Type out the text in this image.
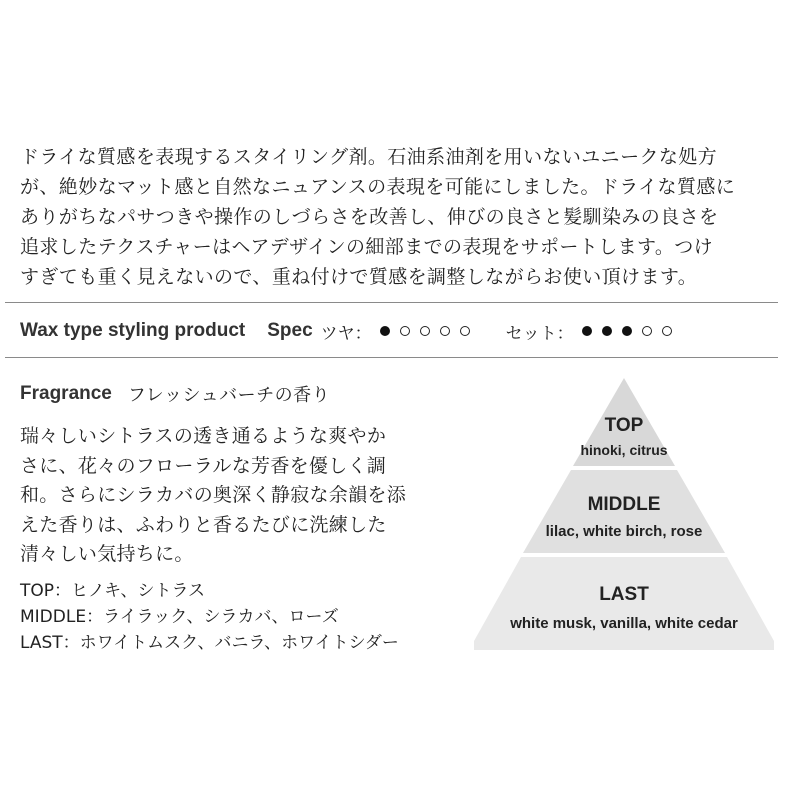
ドライな質感を表現するスタイリング剤。石油系油剤を用いないユニークな処方
が、絶妙なマット感と自然なニュアンスの表現を可能にしました。ドライな質感に
ありがちなパサつきや操作のしづらさを改善し、伸びの良さと髪馴染みの良さを
追求したテクスチャーはヘアデザインの細部までの表現をサポートします。つけ
すぎても重く見えないので、重ね付けで質感を調整しながらお使い頂けます。
Wax type styling product Spec ツヤ：	セット：
Fragrance フレッシュバーチの香り
瑞々しいシトラスの透き通るような爽やか
さに、花々のフローラルな芳香を優しく調
和。さらにシラカバの奥深く静寂な余韻を添
えた香りは、ふわりと香るたびに洗練した
清々しい気持ちに。
TOP：ヒノキ、シトラス
MIDDLE：ライラック、シラカバ、ローズ
LAST：ホワイトムスク、バニラ、ホワイトシダー
TOP
hinoki, citrus
MIDDLE
lilac, white birch, rose
LAST
white musk, vanilla, white cedar
